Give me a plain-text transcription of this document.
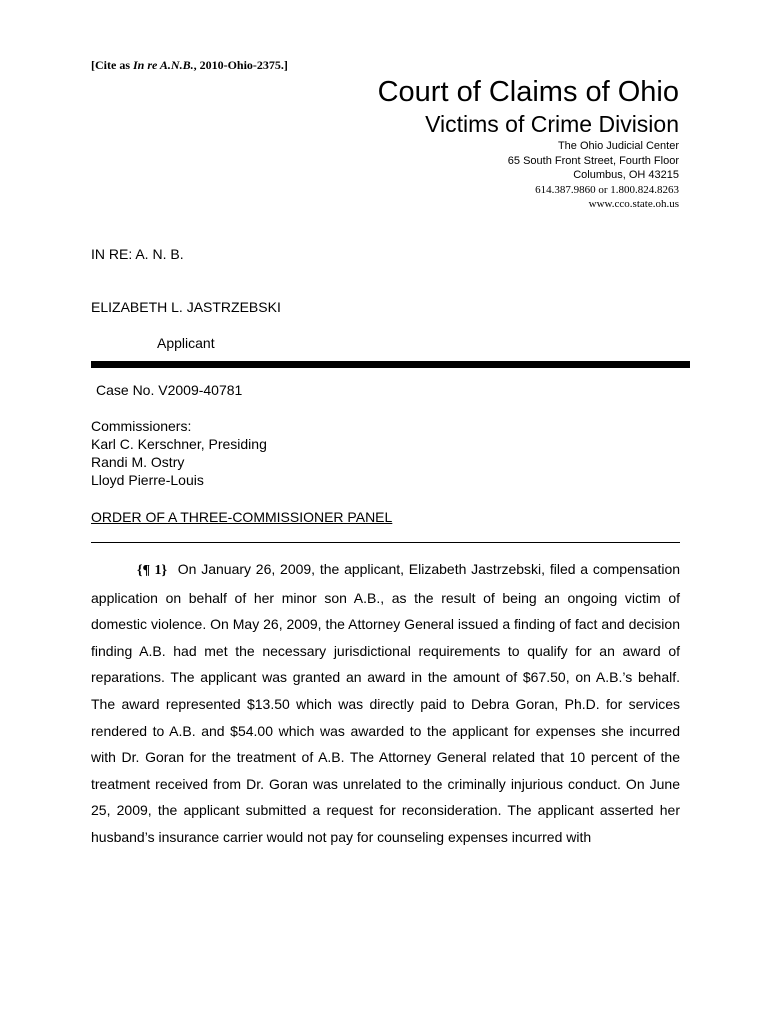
[Cite as In re A.N.B., 2010-Ohio-2375.]
Court of Claims of Ohio
Victims of Crime Division
The Ohio Judicial Center
65 South Front Street, Fourth Floor
Columbus, OH 43215
614.387.9860 or 1.800.824.8263
www.cco.state.oh.us
IN RE: A. N. B.
ELIZABETH L. JASTRZEBSKI
Applicant
Case No. V2009-40781
Commissioners:
Karl C. Kerschner, Presiding
Randi M. Ostry
Lloyd Pierre-Louis
ORDER OF A THREE-COMMISSIONER PANEL
{¶ 1} On January 26, 2009, the applicant, Elizabeth Jastrzebski, filed a compensation application on behalf of her minor son A.B., as the result of being an ongoing victim of domestic violence. On May 26, 2009, the Attorney General issued a finding of fact and decision finding A.B. had met the necessary jurisdictional requirements to qualify for an award of reparations. The applicant was granted an award in the amount of $67.50, on A.B.’s behalf. The award represented $13.50 which was directly paid to Debra Goran, Ph.D. for services rendered to A.B. and $54.00 which was awarded to the applicant for expenses she incurred with Dr. Goran for the treatment of A.B. The Attorney General related that 10 percent of the treatment received from Dr. Goran was unrelated to the criminally injurious conduct. On June 25, 2009, the applicant submitted a request for reconsideration. The applicant asserted her husband’s insurance carrier would not pay for counseling expenses incurred with
